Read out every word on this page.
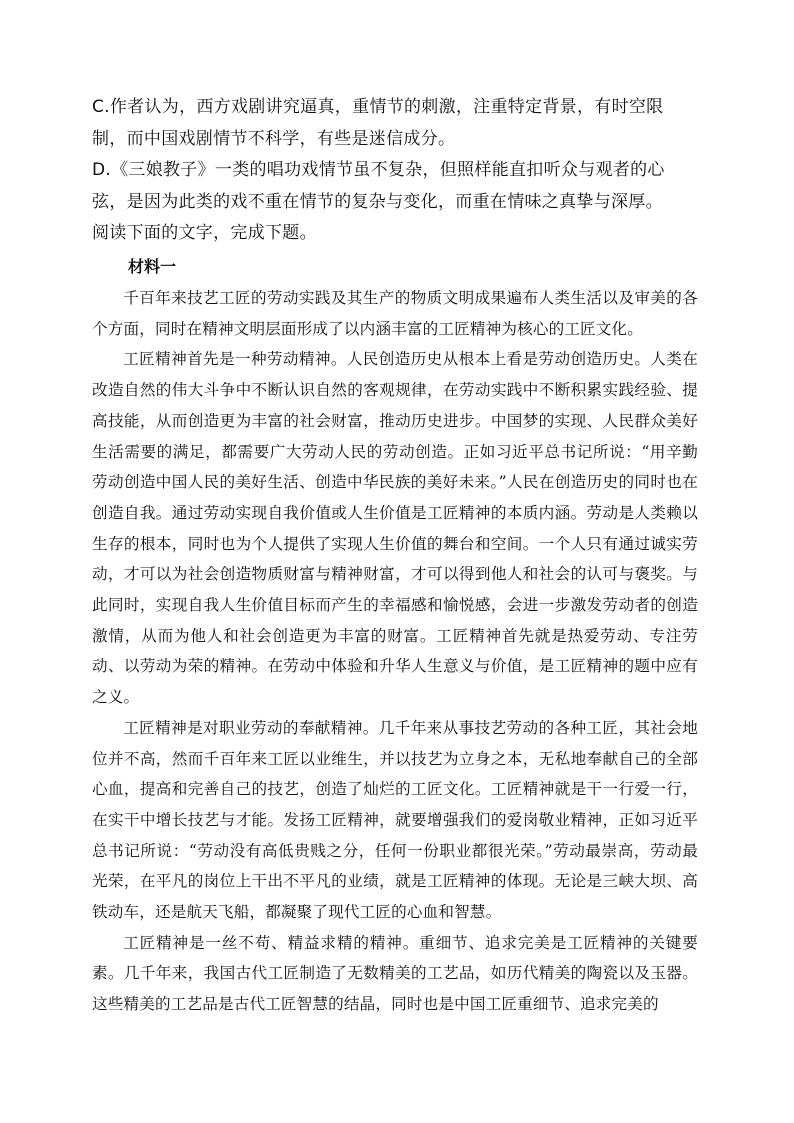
C.作者认为，西方戏剧讲究逼真，重情节的刺激，注重特定背景，有时空限制，而中国戏剧情节不科学，有些是迷信成分。
D.《三娘教子》一类的唱功戏情节虽不复杂，但照样能直扣听众与观者的心弦，是因为此类的戏不重在情节的复杂与变化，而重在情味之真挚与深厚。
阅读下面的文字，完成下题。
材料一

千百年来技艺工匠的劳动实践及其生产的物质文明成果遍布人类生活以及审美的各个方面，同时在精神文明层面形成了以内涵丰富的工匠精神为核心的工匠文化。

工匠精神首先是一种劳动精神。人民创造历史从根本上看是劳动创造历史。人类在改造自然的伟大斗争中不断认识自然的客观规律，在劳动实践中不断积累实践经验、提高技能，从而创造更为丰富的社会财富，推动历史进步。中国梦的实现、人民群众美好生活需要的满足，都需要广大劳动人民的劳动创造。正如习近平总书记所说：“用辛勤劳动创造中国人民的美好生活、创造中华民族的美好未来。”人民在创造历史的同时也在创造自我。通过劳动实现自我价值或人生价值是工匠精神的本质内涵。劳动是人类赖以生存的根本，同时也为个人提供了实现人生价值的舞台和空间。一个人只有通过诚实劳动，才可以为社会创造物质财富与精神财富，才可以得到他人和社会的认可与褒奖。与此同时，实现自我人生价值目标而产生的幸福感和愉悦感，会进一步激发劳动者的创造激情，从而为他人和社会创造更为丰富的财富。工匠精神首先就是热爱劳动、专注劳动、以劳动为荣的精神。在劳动中体验和升华人生意义与价值，是工匠精神的题中应有之义。

工匠精神是对职业劳动的奉献精神。几千年来从事技艺劳动的各种工匠，其社会地位并不高，然而千百年来工匠以业维生，并以技艺为立身之本，无私地奉献自己的全部心血，提高和完善自己的技艺，创造了灿烂的工匠文化。工匠精神就是干一行爱一行，在实干中增长技艺与才能。发扬工匠精神，就要增强我们的爱岗敬业精神，正如习近平总书记所说：“劳动没有高低贵贱之分，任何一份职业都很光荣。”劳动最崇高，劳动最光荣，在平凡的岗位上干出不平凡的业绩，就是工匠精神的体现。无论是三峡大坝、高铁动车，还是航天飞船，都凝聚了现代工匠的心血和智慧。

工匠精神是一丝不苟、精益求精的精神。重细节、追求完美是工匠精神的关键要素。几千年来，我国古代工匠制造了无数精美的工艺品，如历代精美的陶瓷以及玉器。这些精美的工艺品是古代工匠智慧的结晶，同时也是中国工匠重细节、追求完美的
